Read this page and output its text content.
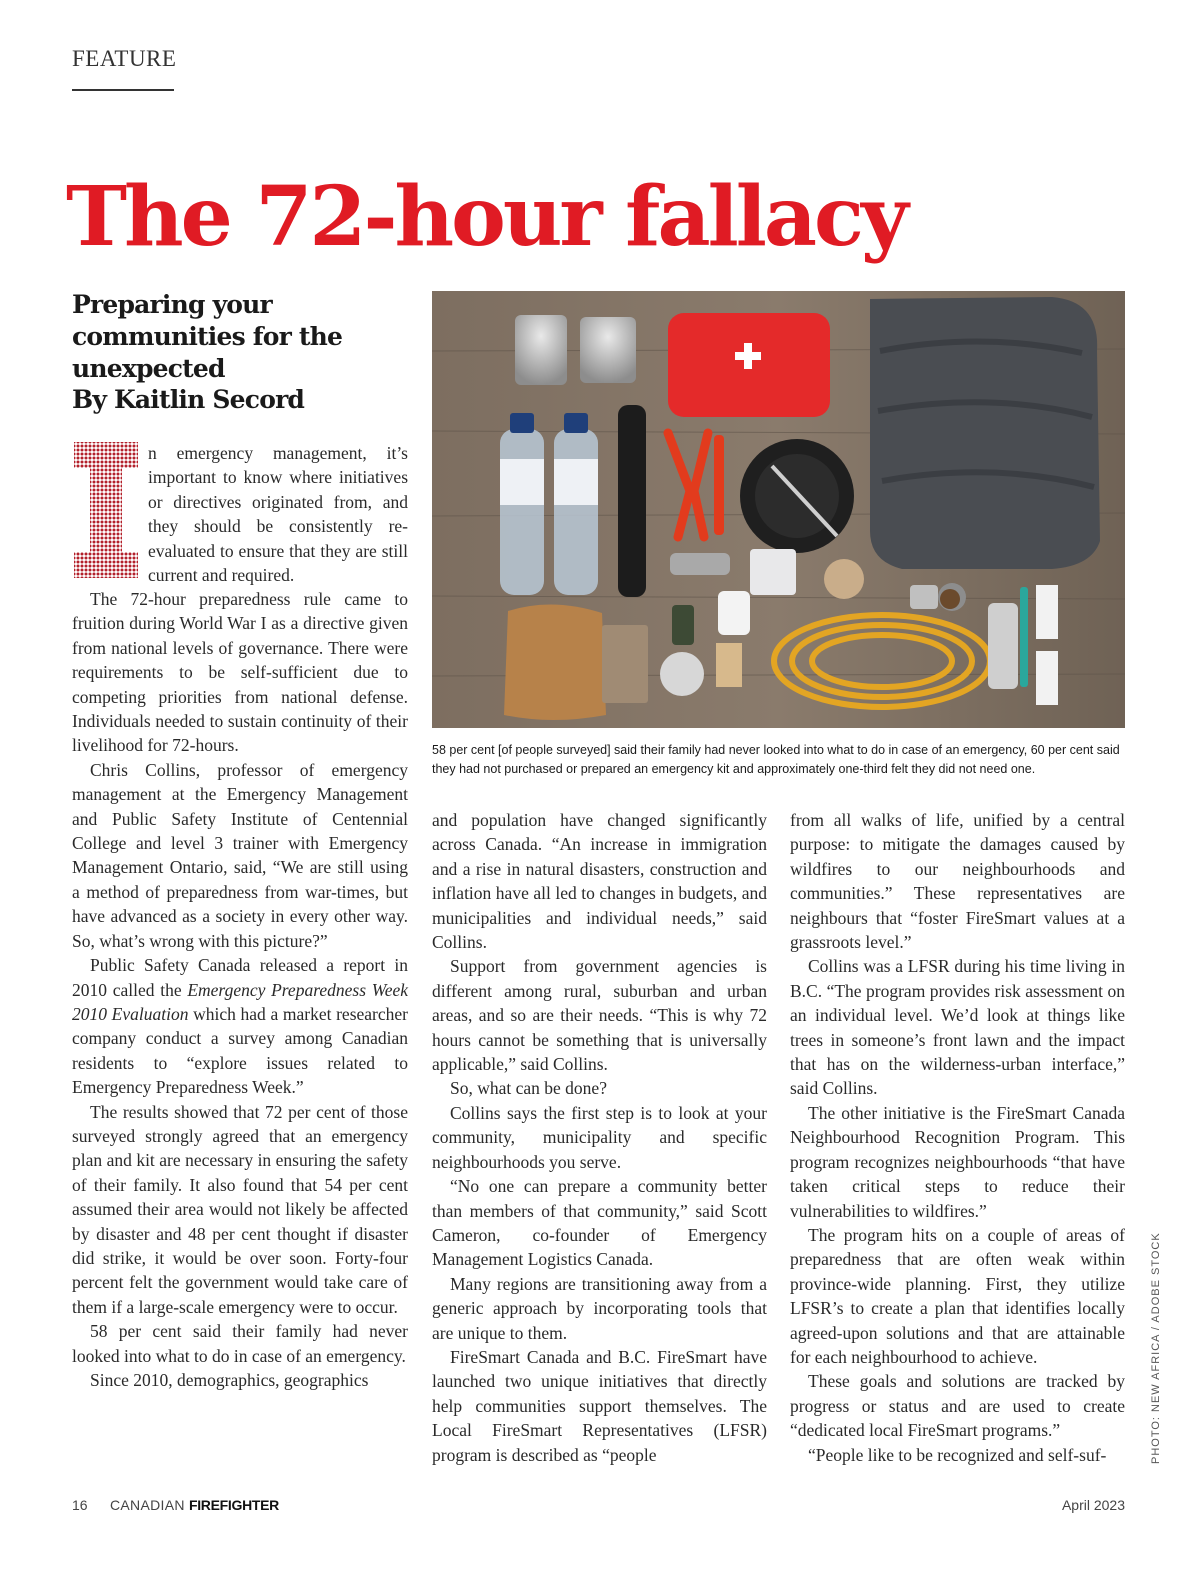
FEATURE
The 72-hour fallacy
Preparing your communities for the unexpected
By Kaitlin Secord
58 per cent [of people surveyed] said their family had never looked into what to do in case of an emergency, 60 per cent said they had not purchased or prepared an emergency kit and approximately one-third felt they did not need one.

n emergency management, it’s important to know where initiatives or directives originated from, and they should be consistently re-evaluated to ensure that they are still current and required.

The 72-hour preparedness rule came to fruition during World War I as a directive given from national levels of governance. There were requirements to be self-sufficient due to competing priorities from national defense. Individuals needed to sustain continuity of their livelihood for 72-hours.

Chris Collins, professor of emergency management at the Emergency Management and Public Safety Institute of Centennial College and level 3 trainer with Emergency Management Ontario, said, “We are still using a method of preparedness from war-times, but have advanced as a society in every other way. So, what’s wrong with this picture?”

Public Safety Canada released a report in 2010 called the Emergency Preparedness Week 2010 Evaluation which had a market researcher company conduct a survey among Canadian residents to “explore issues related to Emergency Preparedness Week.”

The results showed that 72 per cent of those surveyed strongly agreed that an emergency plan and kit are necessary in ensuring the safety of their family. It also found that 54 per cent assumed their area would not likely be affected by disaster and 48 per cent thought if disaster did strike, it would be over soon. Forty-four percent felt the government would take care of them if a large-scale emergency were to occur.

58 per cent said their family had never looked into what to do in case of an emergency.

Since 2010, demographics, geographics

and population have changed significantly across Canada. “An increase in immigration and a rise in natural disasters, construction and inflation have all led to changes in budgets, and municipalities and individual needs,” said Collins.

Support from government agencies is different among rural, suburban and urban areas, and so are their needs. “This is why 72 hours cannot be something that is universally applicable,” said Collins.

So, what can be done?

Collins says the first step is to look at your community, municipality and specific neighbourhoods you serve.

“No one can prepare a community better than members of that community,” said Scott Cameron, co-founder of Emergency Management Logistics Canada.

Many regions are transitioning away from a generic approach by incorporating tools that are unique to them.

FireSmart Canada and B.C. FireSmart have launched two unique initiatives that directly help communities support themselves. The Local FireSmart Representatives (LFSR) program is described as “people

from all walks of life, unified by a central purpose: to mitigate the damages caused by wildfires to our neighbourhoods and communities.” These representatives are neighbours that “foster FireSmart values at a grassroots level.”

Collins was a LFSR during his time living in B.C. “The program provides risk assessment on an individual level. We’d look at things like trees in someone’s front lawn and the impact that has on the wilderness-urban interface,” said Collins.

The other initiative is the FireSmart Canada Neighbourhood Recognition Program. This program recognizes neighbourhoods “that have taken critical steps to reduce their vulnerabilities to wildfires.”

The program hits on a couple of areas of preparedness that are often weak within province-wide planning. First, they utilize LFSR’s to create a plan that identifies locally agreed-upon solutions and that are attainable for each neighbourhood to achieve.

These goals and solutions are tracked by progress or status and are used to create “dedicated local FireSmart programs.”

“People like to be recognized and self-suf-	PHOTO: NEW AFRICA / ADOBE STOCK
16 CANADIAN FIREFIGHTER	April 2023
